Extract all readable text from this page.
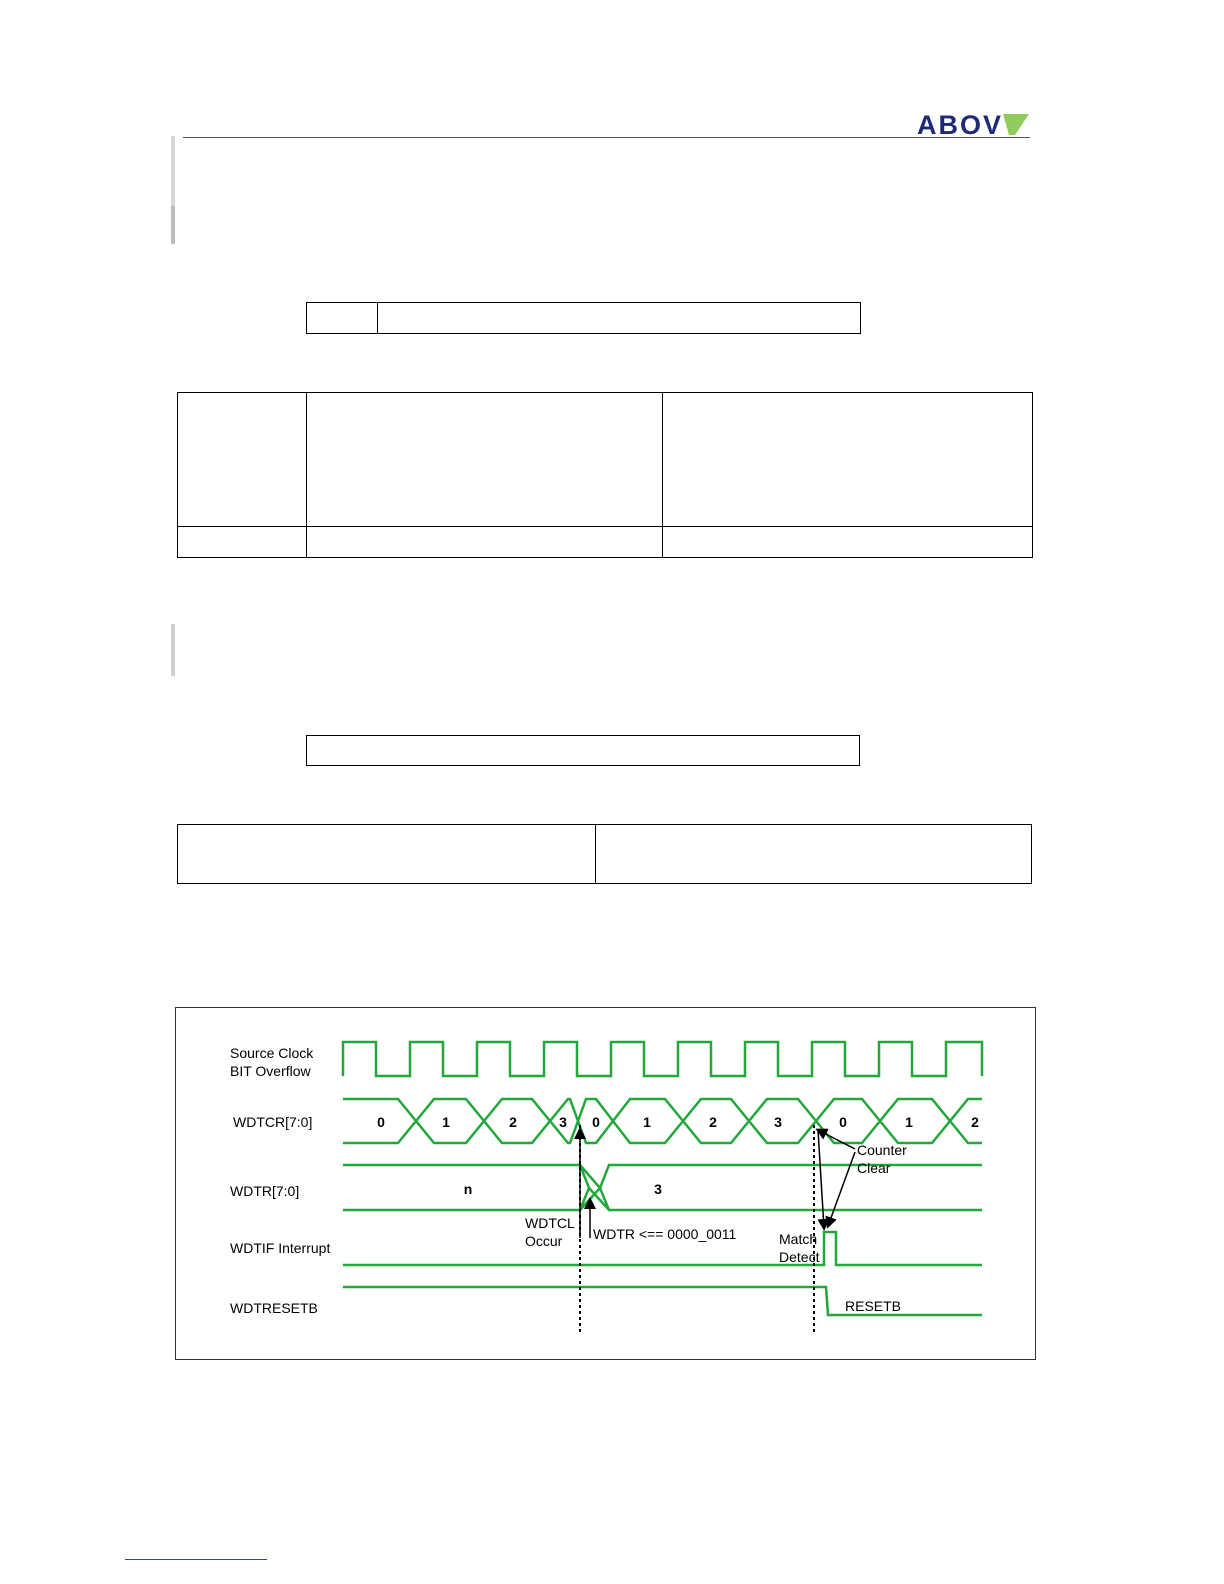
ABOV
Source Clock
BIT Overflow
WDTCR[7:0]
WDTR[7:0]
WDTIF Interrupt
WDTRESETB
0	1	2	3 0	1	2	3	0	1	2
n	3
WDTCL
Occur WDTR <== 0000_0011
Counter
Clear
Match
Detect
RESETB
